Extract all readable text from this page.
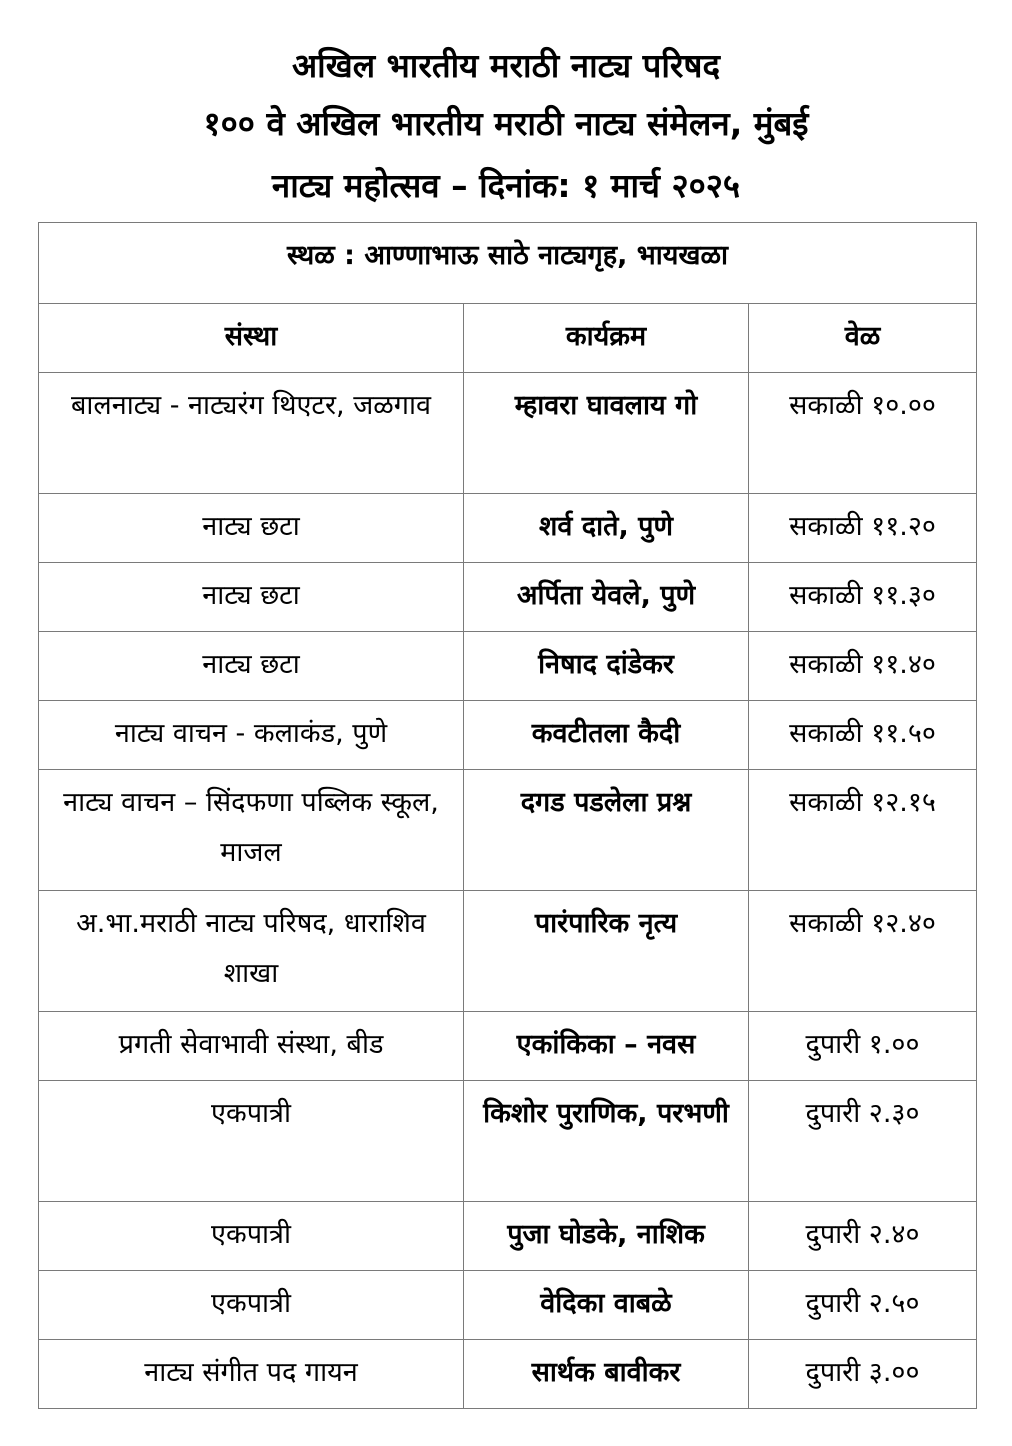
अखिल भारतीय मराठी नाट्य परिषद
१०० वे अखिल भारतीय मराठी नाट्य संमेलन, मुंबई
नाट्य महोत्सव – दिनांक: १ मार्च २०२५
स्थळ : आण्णाभाऊ साठे नाट्यगृह, भायखळा		
संस्था	कार्यक्रम	वेळ
बालनाट्य - नाट्यरंग थिएटर, जळगाव	म्हावरा घावलाय गो	सकाळी १०.००
नाट्य छटा	शर्व दाते, पुणे	सकाळी ११.२०
नाट्य छटा	अर्पिता येवले, पुणे	सकाळी ११.३०
नाट्य छटा	निषाद दांडेकर	सकाळी ११.४०
नाट्य वाचन - कलाकंड, पुणे	कवटीतला कैदी	सकाळी ११.५०
नाट्य वाचन – सिंदफणा पब्लिक स्कूल, माजल	दगड पडलेला प्रश्न	सकाळी १२.१५
अ.भा.मराठी नाट्य परिषद, धाराशिव शाखा	पारंपारिक नृत्य	सकाळी १२.४०
प्रगती सेवाभावी संस्था, बीड	एकांकिका – नवस	दुपारी १.००
एकपात्री	किशोर पुराणिक, परभणी	दुपारी २.३०
एकपात्री	पुजा घोडके, नाशिक	दुपारी २.४०
एकपात्री	वेदिका वाबळे	दुपारी २.५०
नाट्य संगीत पद गायन	सार्थक बावीकर	दुपारी ३.००
